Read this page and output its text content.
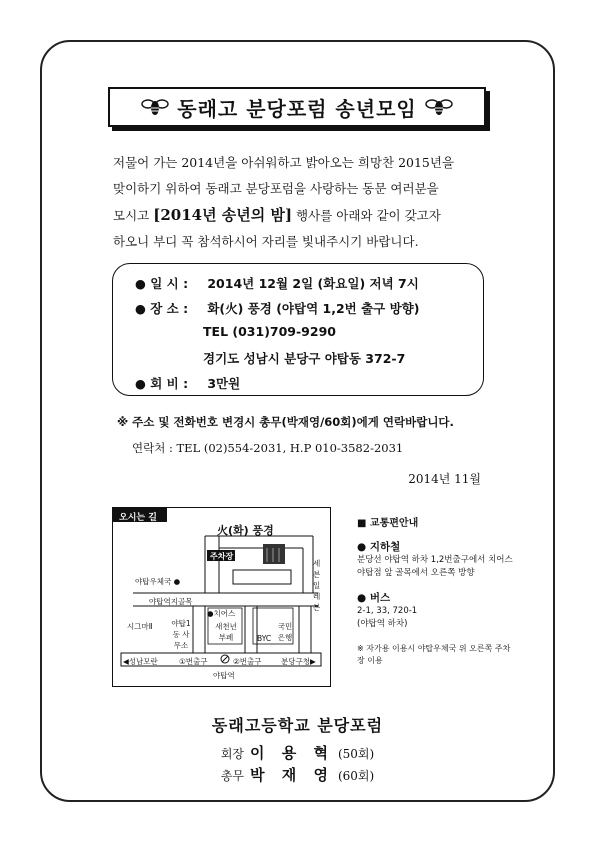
동래고 분당포럼 송년모임
저물어 가는 2014년을 아쉬워하고 밝아오는 희망찬 2015년을
맞이하기 위하여 동래고 분당포럼을 사랑하는 동문 여러분을
모시고 [2014년 송년의 밤] 행사를 아래와 같이 갖고자
하오니 부디 꼭 참석하시어 자리를 빛내주시기 바랍니다.
● 일 시 : 2014년 12월 2일 (화요일) 저녁 7시
● 장 소 : 화(火) 풍경 (야탑역 1,2번 출구 방향)
TEL (031)709-9290
경기도 성남시 분당구 야탑동 372-7
● 회 비 : 3만원
※ 주소 및 전화번호 변경시 총무(박재영/60회)에게 연락바랍니다.
연락처 : TEL (02)554-2031, H.P 010-3582-2031
2014년 11월
오시는 길
火(화) 풍경
주차장
야탑우체국 ●
야탑역지골목
시그마Ⅱ	야탑1동 사무소
●치어스
새천년 부페	BYC
국민 은행
세븐 일레븐
◀성남모란	①번출구	②번출구	분당구청▶
야탑역
■ 교통편안내
● 지하철
분당선 야탑역 하차 1,2번출구에서 치어스 야탑점 앞 골목에서 오른쪽 방향
● 버스
2-1, 33, 720-1
(야탑역 하차)
※ 자가용 이용시 야탑우체국 위 오른쪽 주차장 이용
동래고등학교 분당포럼
회장 이 용 혁 (50회)
총무 박 재 영 (60회)
